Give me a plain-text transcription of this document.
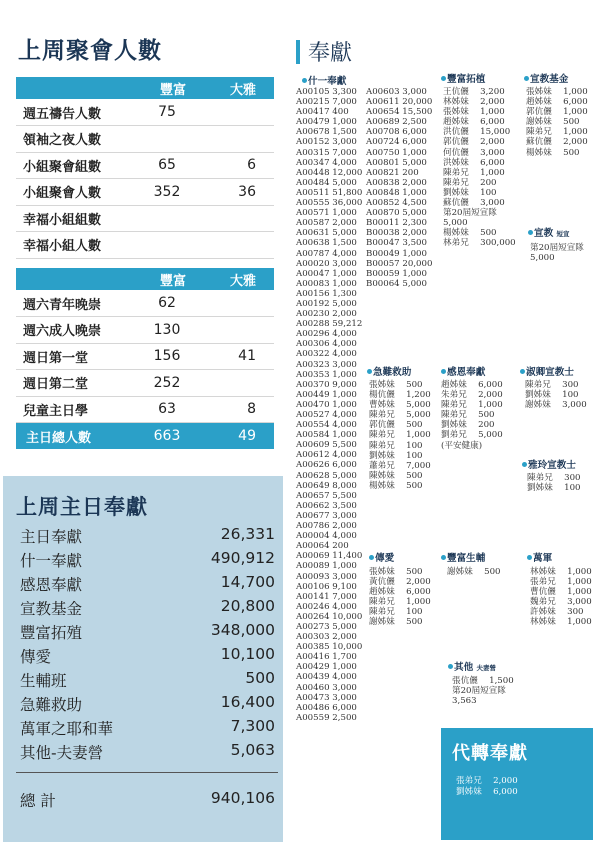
上周聚會人數
	豐富	大雅
週五禱告人數	75	
領袖之夜人數		
小組聚會組數	65	6
小組聚會人數	352	36
幸福小組組數		
幸福小組人數		
	豐富	大雅
週六青年晚崇	62	
週六成人晚崇	130	
週日第一堂	156	41
週日第二堂	252	
兒童主日學	63	8
主日總人數	663	49
上周主日奉獻
主日奉獻	26,331
什一奉獻	490,912
感恩奉獻	14,700
宣教基金	20,800
豐富拓殖	348,000
傳愛	10,100
生輔班	500
急難救助	16,400
萬軍之耶和華	7,300
其他-夫妻營	5,063
總 計	940,106
奉獻
什一奉獻
A00105 3,300
A00215 7,000
A00417 400
A00479 1,000
A00678 1,500
A00152 3,000
A00315 7,000
A00347 4,000
A00448 12,000
A00484 5,000
A00511 51,800
A00555 36,000
A00571 1,000
A00587 2,000
A00631 5,000
A00638 1,500
A00787 4,000
A00020 3,000
A00047 1,000
A00083 1,000
A00156 1,300
A00192 5,000
A00230 2,000
A00288 59,212
A00296 4,000
A00306 4,000
A00322 4,000
A00323 3,000
A00353 1,000
A00370 9,000
A00449 1,000
A00470 1,000
A00527 4,000
A00554 4,000
A00584 1,000
A00609 5,500
A00612 4,000
A00626 6,000
A00628 5,000
A00649 8,000
A00657 5,500
A00662 3,500
A00677 3,000
A00786 2,000
A00004 4,000
A00064 200
A00069 11,400
A00089 1,000
A00093 3,000
A00106 9,100
A00141 7,000
A00246 4,000
A00264 10,000
A00273 5,000
A00303 2,000
A00385 10,000
A00416 1,700
A00429 1,000
A00439 4,000
A00460 3,000
A00473 3,000
A00486 6,000
A00559 2,500
A00603 3,000
A00611 20,000
A00654 15,500
A00689 2,500
A00708 6,000
A00724 6,000
A00750 1,000
A00801 5,000
A00821 200
A00838 2,000
A00848 1,000
A00852 4,500
A00870 5,000
B00011 2,300
B00038 2,000
B00047 3,500
B00049 1,000
B00057 20,000
B00059 1,000
B00064 5,000
豐富拓植
王伉儷　 3,200
林姊妹　 2,000
張姊妹　 1,000
趙姊妹　 6,000
洪伉儷　 15,000
郭伉儷　 2,000
何伉儷　 3,000
洪姊妹　 6,000
陳弟兄　 1,000
陳弟兄　 200
劉姊妹　 100
蘇伉儷　 3,000
第20屆短宣隊
5,000
楊姊妹　 500
林弟兄　 300,000
宣教基金
張姊妹　 1,000
趙姊妹　 6,000
郭伉儷　 1,000
謝姊妹　 500
陳弟兄　 1,000
蘇伉儷　 2,000
楊姊妹　 500
宣教 短宣
第20屆短宣隊
5,000
急難救助
張姊妹　 500
楊伉儷　 1,200
曹姊妹　 5,000
陳弟兄　 5,000
郭伉儷　 500
陳弟兄　 1,000
陳弟兄　 100
劉姊妹　 100
蕭弟兄　 7,000
陳姊妹　 500
楊姊妹　 500
感恩奉獻
趙姊妹　 6,000
朱弟兄　 2,000
陳弟兄　 1,000
陳弟兄　 500
劉姊妹　 200
劉弟兄　 5,000
(平安健康)
淑卿宣教士
陳弟兄　 300
劉姊妹　 100
謝姊妹　 3,000
雅玲宣教士
陳弟兄　 300
劉姊妹　 100
傳愛
張姊妹　 500
黃伉儷　 2,000
趙姊妹　 6,000
陳弟兄　 1,000
陳弟兄　 100
謝姊妹　 500
豐富生輔
謝姊妹　 500
萬軍
林姊妹　 1,000
張弟兄　 1,000
曹伉儷　 1,000
魏弟兄　 3,000
許姊妹　 300
林姊妹　 1,000
其他 夫妻營
張伉儷　 1,500
第20屆短宣隊
3,563
代轉奉獻
張弟兄　 2,000
劉姊妹　 6,000
